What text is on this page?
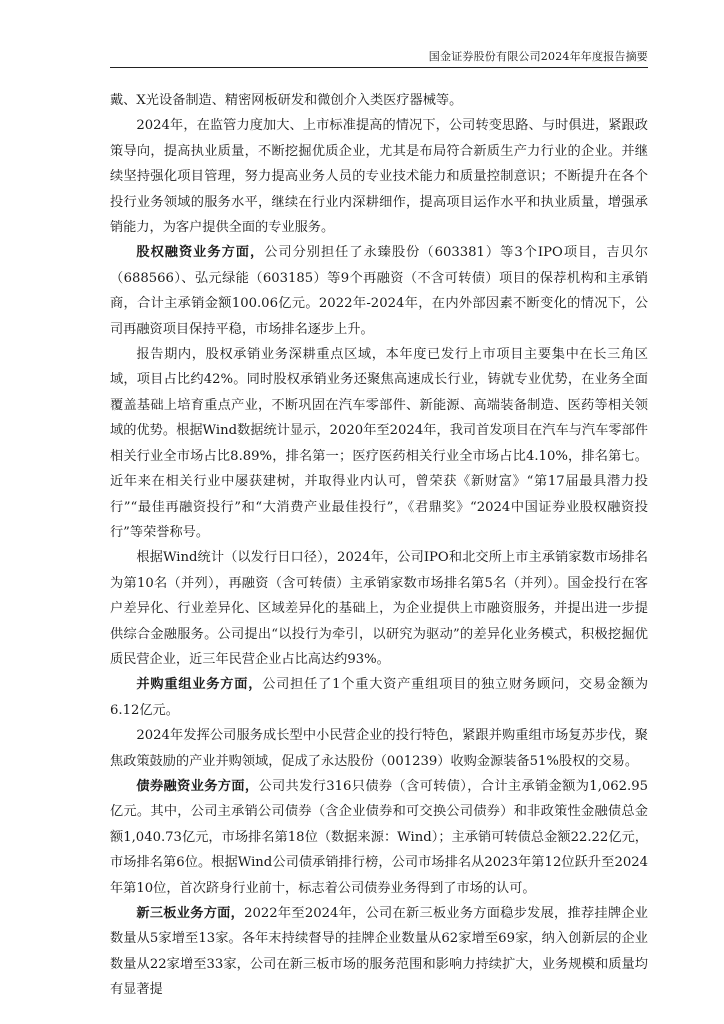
国金证券股份有限公司2024年年度报告摘要

戴、X光设备制造、精密网板研发和微创介入类医疗器械等。

2024年，在监管力度加大、上市标准提高的情况下，公司转变思路、与时俱进，紧跟政策导向，提高执业质量，不断挖掘优质企业，尤其是布局符合新质生产力行业的企业。并继续坚持强化项目管理，努力提高业务人员的专业技术能力和质量控制意识；不断提升在各个投行业务领域的服务水平，继续在行业内深耕细作，提高项目运作水平和执业质量，增强承销能力，为客户提供全面的专业服务。

股权融资业务方面，公司分别担任了永臻股份（603381）等3个IPO项目，吉贝尔（688566）、弘元绿能（603185）等9个再融资（不含可转债）项目的保荐机构和主承销商，合计主承销金额100.06亿元。2022年-2024年，在内外部因素不断变化的情况下，公司再融资项目保持平稳，市场排名逐步上升。

报告期内，股权承销业务深耕重点区域，本年度已发行上市项目主要集中在长三角区域，项目占比约42%。同时股权承销业务还聚焦高速成长行业，铸就专业优势，在业务全面覆盖基础上培育重点产业，不断巩固在汽车零部件、新能源、高端装备制造、医药等相关领域的优势。根据Wind数据统计显示，2020年至2024年，我司首发项目在汽车与汽车零部件相关行业全市场占比8.89%，排名第一；医疗医药相关行业全市场占比4.10%，排名第七。近年来在相关行业中屡获建树，并取得业内认可，曾荣获《新财富》“第17届最具潜力投行”“最佳再融资投行”和“大消费产业最佳投行”，《君鼎奖》“2024中国证券业股权融资投行”等荣誉称号。

根据Wind统计（以发行日口径），2024年，公司IPO和北交所上市主承销家数市场排名为第10名（并列），再融资（含可转债）主承销家数市场排名第5名（并列）。国金投行在客户差异化、行业差异化、区域差异化的基础上，为企业提供上市融资服务，并提出进一步提供综合金融服务。公司提出“以投行为牵引，以研究为驱动”的差异化业务模式，积极挖掘优质民营企业，近三年民营企业占比高达约93%。

并购重组业务方面，公司担任了1个重大资产重组项目的独立财务顾问，交易金额为6.12亿元。

2024年发挥公司服务成长型中小民营企业的投行特色，紧跟并购重组市场复苏步伐，聚焦政策鼓励的产业并购领域，促成了永达股份（001239）收购金源装备51%股权的交易。

债券融资业务方面，公司共发行316只债券（含可转债），合计主承销金额为1,062.95亿元。其中，公司主承销公司债券（含企业债券和可交换公司债券）和非政策性金融债总金额1,040.73亿元，市场排名第18位（数据来源：Wind）；主承销可转债总金额22.22亿元，市场排名第6位。根据Wind公司债承销排行榜，公司市场排名从2023年第12位跃升至2024年第10位，首次跻身行业前十，标志着公司债券业务得到了市场的认可。

新三板业务方面，2022年至2024年，公司在新三板业务方面稳步发展，推荐挂牌企业数量从5家增至13家。各年末持续督导的挂牌企业数量从62家增至69家，纳入创新层的企业数量从22家增至33家，公司在新三板市场的服务范围和影响力持续扩大，业务规模和质量均有显著提
